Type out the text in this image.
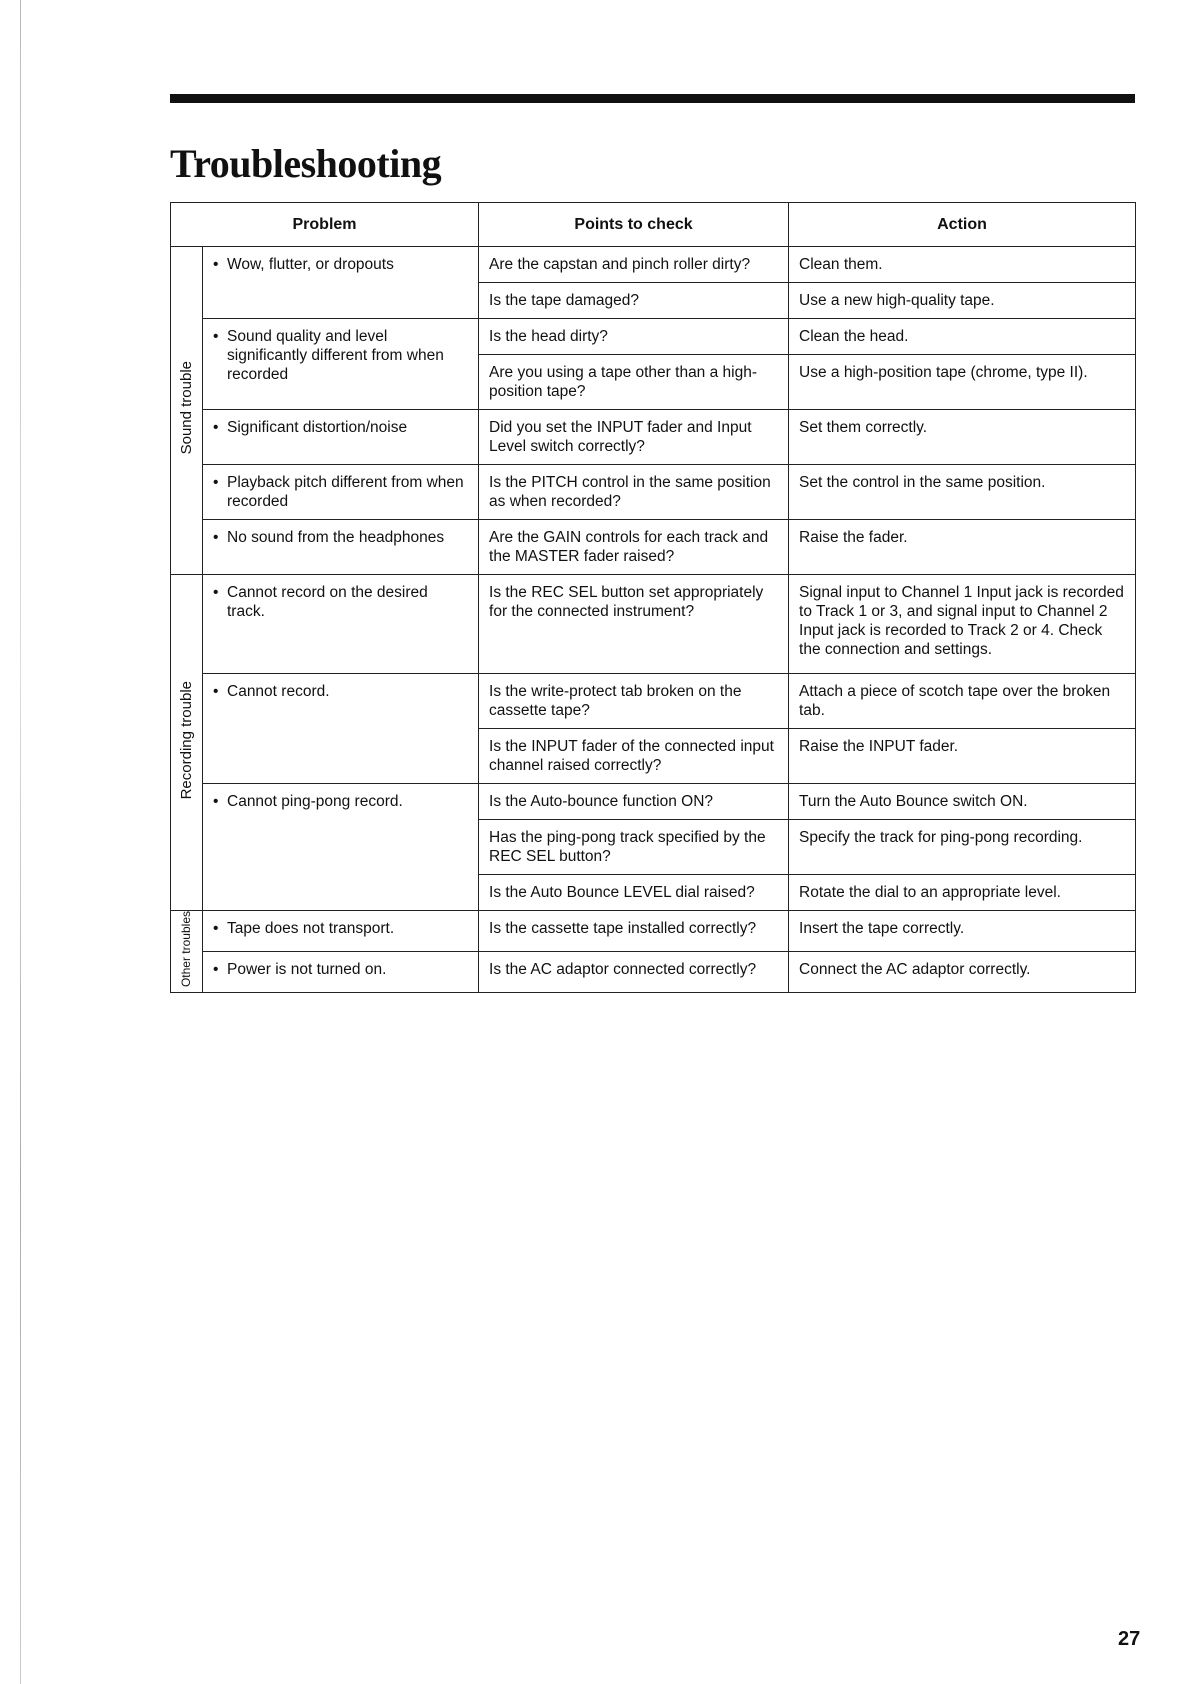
Troubleshooting
Problem		Points to check	Action
Sound trouble	• Wow, flutter, or dropouts	Are the capstan and pinch roller dirty?	Clean them.
		Is the tape damaged?	Use a new high-quality tape.

	• Sound quality and level significantly different from when recorded	Is the head dirty?	Clean the head.
		Are you using a tape other than a high-position tape?	Use a high-position tape (chrome, type II).

	• Significant distortion/noise	Did you set the INPUT fader and Input Level switch correctly?	Set them correctly.

	• Playback pitch different from when recorded	Is the PITCH control in the same position as when recorded?	Set the control in the same position.

	• No sound from the headphones	Are the GAIN controls for each track and the MASTER fader raised?	Raise the fader.
Recording trouble	• Cannot record on the desired track.	Is the REC SEL button set appropriately for the connected instrument?	Signal input to Channel 1 Input jack is recorded to Track 1 or 3, and signal input to Channel 2 Input jack is recorded to Track 2 or 4. Check the connection and settings.

	• Cannot record.	Is the write-protect tab broken on the cassette tape?	Attach a piece of scotch tape over the broken tab.
		Is the INPUT fader of the connected input channel raised correctly?	Raise the INPUT fader.

	• Cannot ping-pong record.	Is the Auto-bounce function ON?	Turn the Auto Bounce switch ON.
		Has the ping-pong track specified by the REC SEL button?	Specify the track for ping-pong recording.
		Is the Auto Bounce LEVEL dial raised?	Rotate the dial to an appropriate level.
Other troubles	• Tape does not transport.	Is the cassette tape installed correctly?	Insert the tape correctly.

	• Power is not turned on.	Is the AC adaptor connected correctly?	Connect the AC adaptor correctly.
27
